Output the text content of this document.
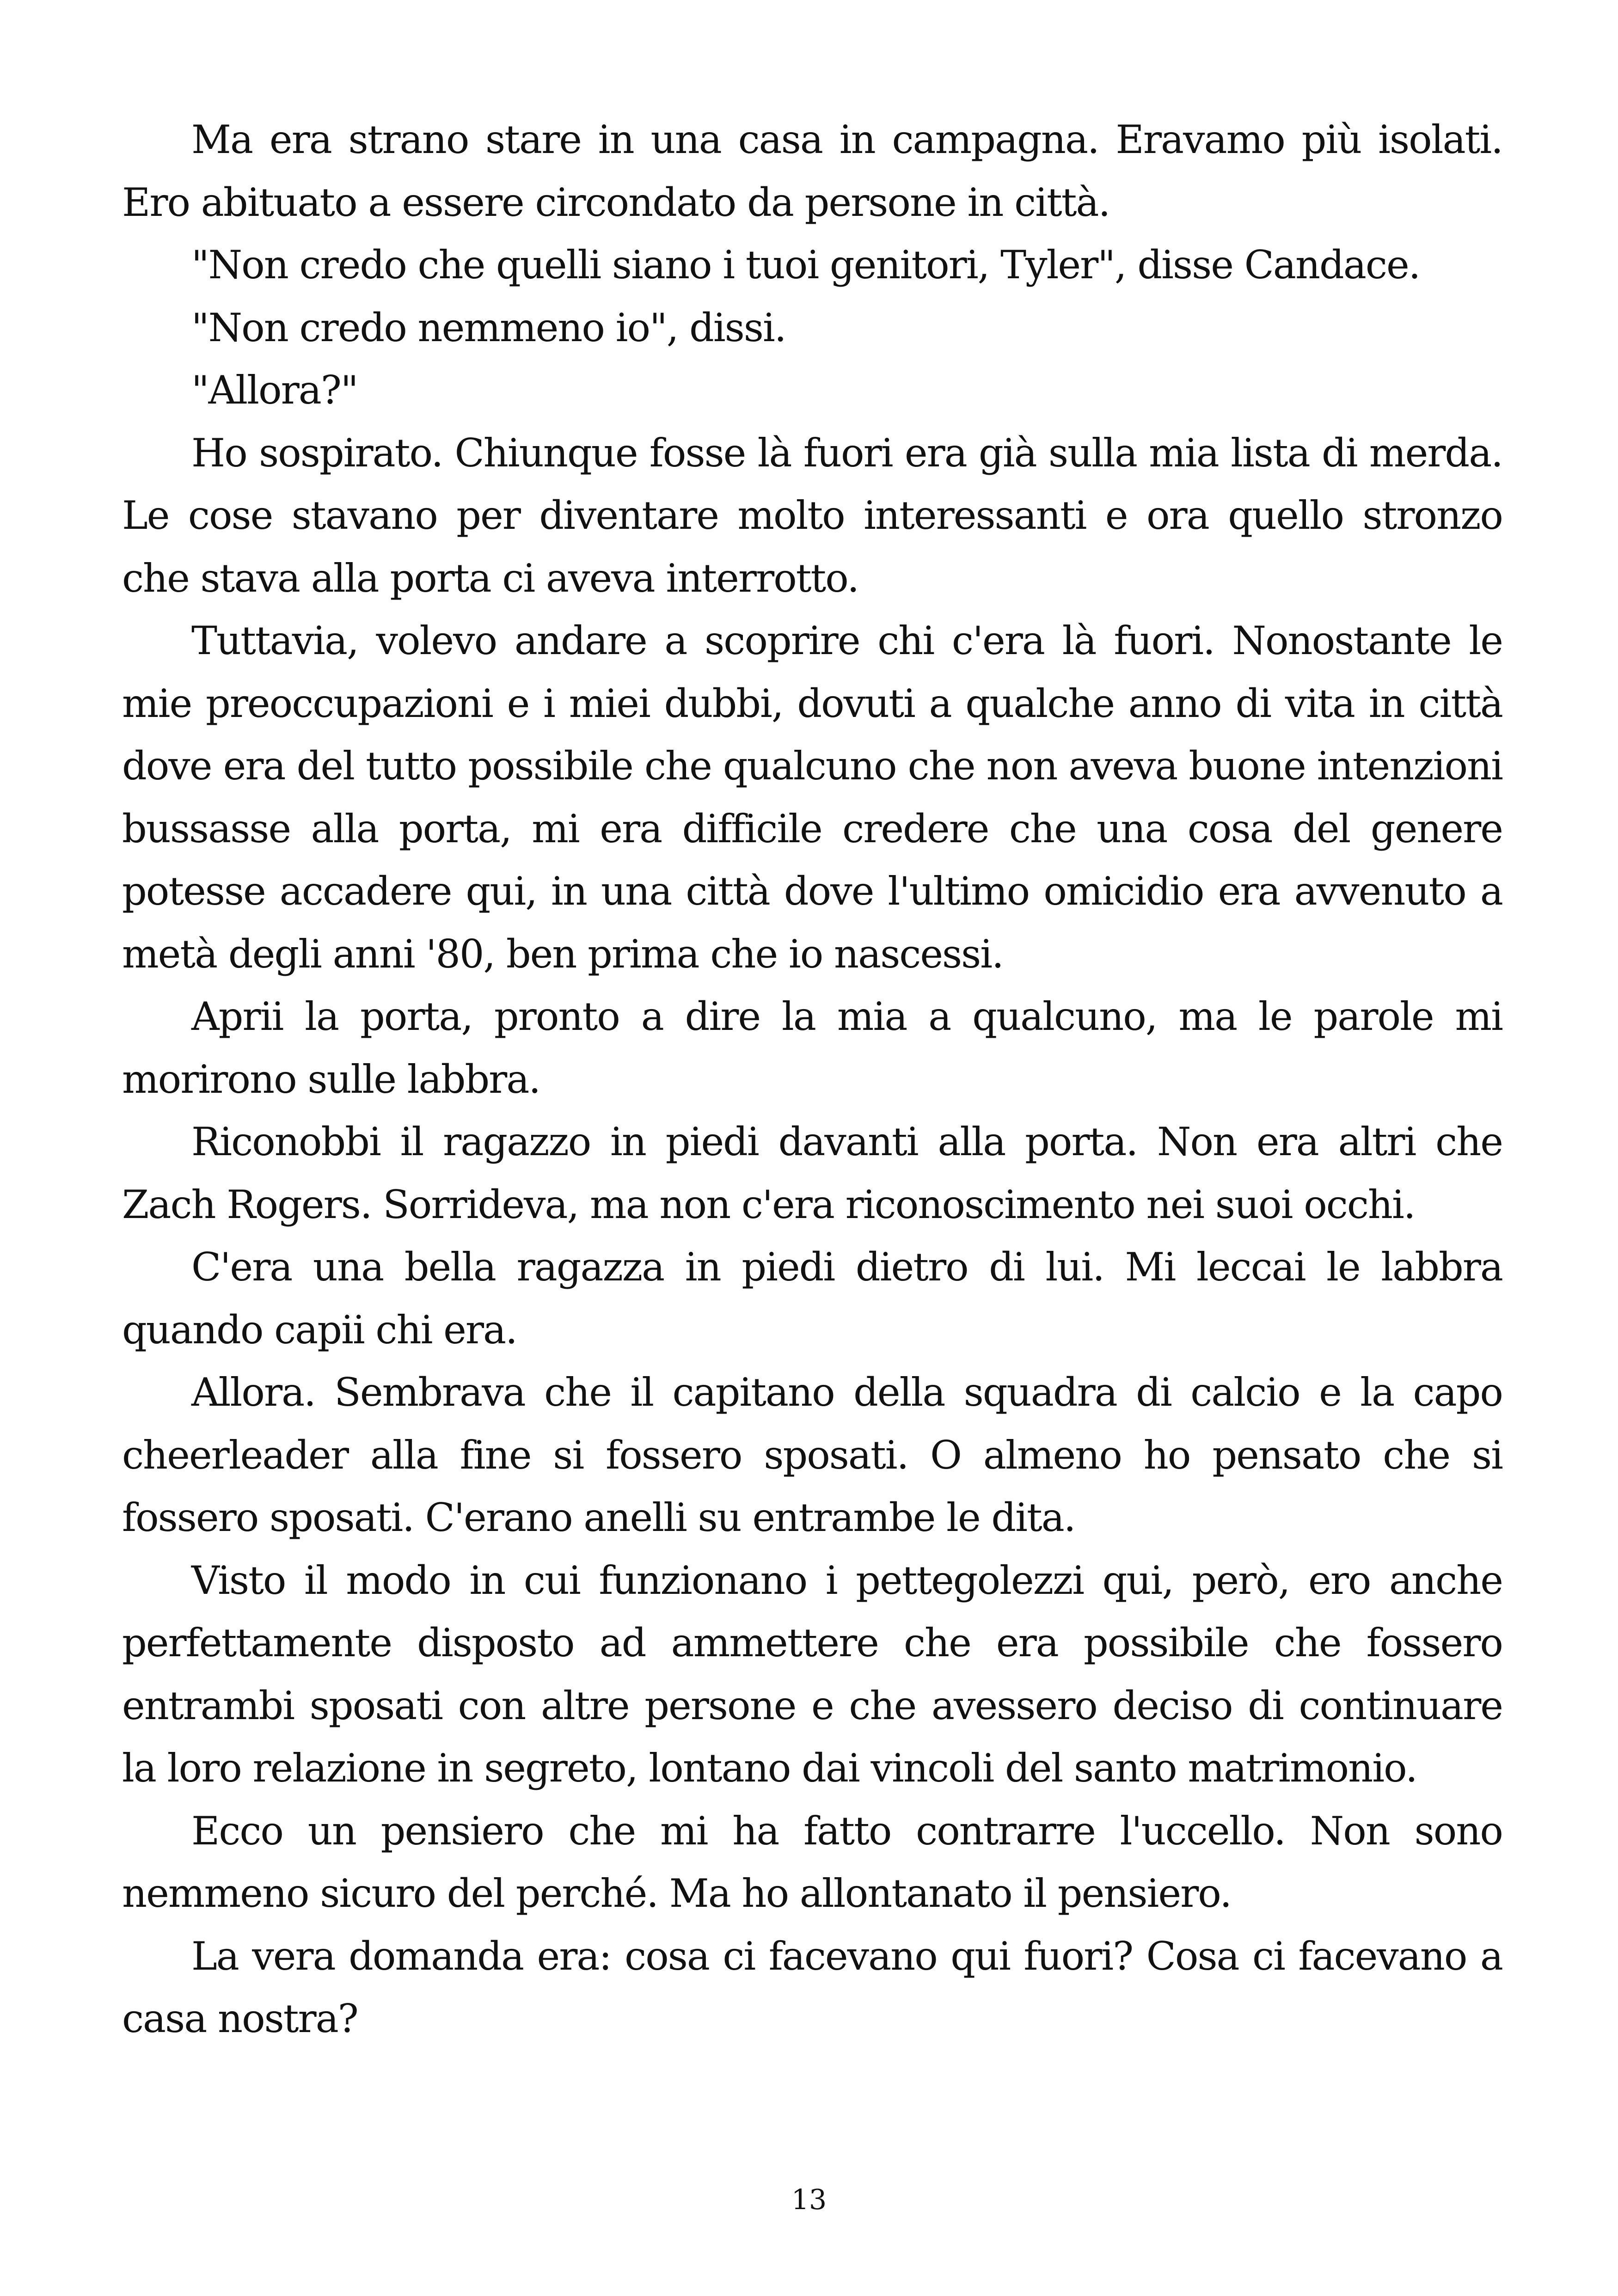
Ma era strano stare in una casa in campagna. Eravamo più isolati. Ero abituato a essere circondato da persone in città.

"Non credo che quelli siano i tuoi genitori, Tyler", disse Candace.

"Non credo nemmeno io", dissi.

"Allora?"

Ho sospirato. Chiunque fosse là fuori era già sulla mia lista di merda. Le cose stavano per diventare molto interessanti e ora quello stronzo che stava alla porta ci aveva interrotto.

Tuttavia, volevo andare a scoprire chi c'era là fuori. Nonostante le mie preoccupazioni e i miei dubbi, dovuti a qualche anno di vita in città dove era del tutto possibile che qualcuno che non aveva buone intenzioni bussasse alla porta, mi era difficile credere che una cosa del genere potesse accadere qui, in una città dove l'ultimo omicidio era avvenuto a metà degli anni '80, ben prima che io nascessi.

Aprii la porta, pronto a dire la mia a qualcuno, ma le parole mi morirono sulle labbra.

Riconobbi il ragazzo in piedi davanti alla porta. Non era altri che Zach Rogers. Sorrideva, ma non c'era riconoscimento nei suoi occhi.

C'era una bella ragazza in piedi dietro di lui. Mi leccai le labbra quando capii chi era.

Allora. Sembrava che il capitano della squadra di calcio e la capo cheerleader alla fine si fossero sposati. O almeno ho pensato che si fossero sposati. C'erano anelli su entrambe le dita.

Visto il modo in cui funzionano i pettegolezzi qui, però, ero anche perfettamente disposto ad ammettere che era possibile che fossero entrambi sposati con altre persone e che avessero deciso di continuare la loro relazione in segreto, lontano dai vincoli del santo matrimonio.

Ecco un pensiero che mi ha fatto contrarre l'uccello. Non sono nemmeno sicuro del perché. Ma ho allontanato il pensiero.

La vera domanda era: cosa ci facevano qui fuori? Cosa ci facevano a casa nostra?

13
